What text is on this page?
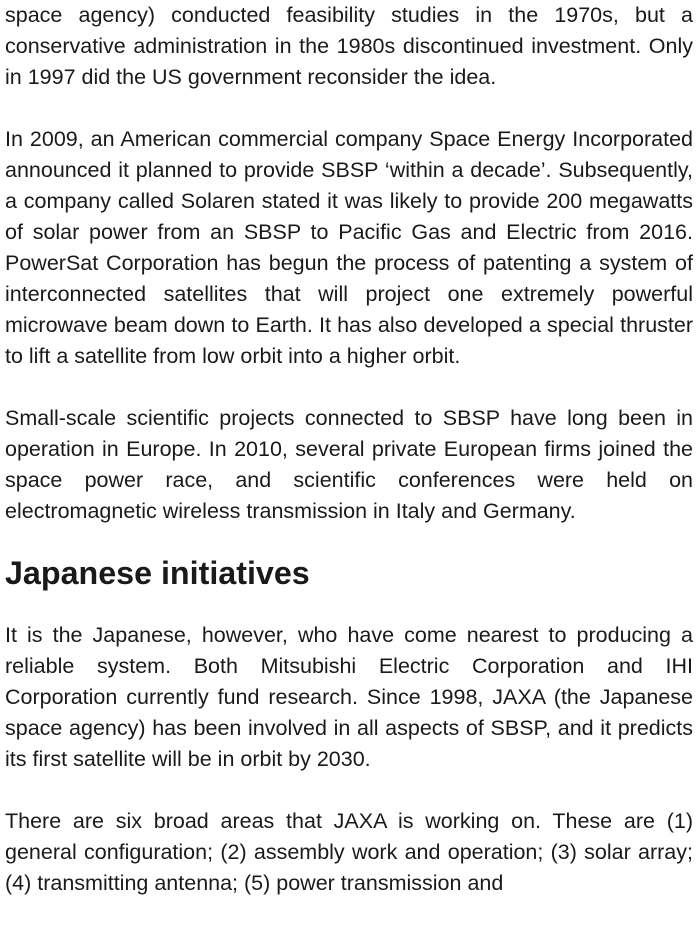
space agency) conducted feasibility studies in the 1970s, but a conservative administration in the 1980s discontinued investment. Only in 1997 did the US government reconsider the idea.

In 2009, an American commercial company Space Energy Incorporated announced it planned to provide SBSP ‘within a decade’. Subsequently, a company called Solaren stated it was likely to provide 200 megawatts of solar power from an SBSP to Pacific Gas and Electric from 2016. PowerSat Corporation has begun the process of patenting a system of interconnected satellites that will project one extremely powerful microwave beam down to Earth. It has also developed a special thruster to lift a satellite from low orbit into a higher orbit.

Small-scale scientific projects connected to SBSP have long been in operation in Europe. In 2010, several private European firms joined the space power race, and scientific conferences were held on electromagnetic wireless transmission in Italy and Germany.

Japanese initiatives

It is the Japanese, however, who have come nearest to producing a reliable system. Both Mitsubishi Electric Corporation and IHI Corporation currently fund research. Since 1998, JAXA (the Japanese space agency) has been involved in all aspects of SBSP, and it predicts its first satellite will be in orbit by 2030.

There are six broad areas that JAXA is working on. These are (1) general configuration; (2) assembly work and operation; (3) solar array; (4) transmitting antenna; (5) power transmission and
